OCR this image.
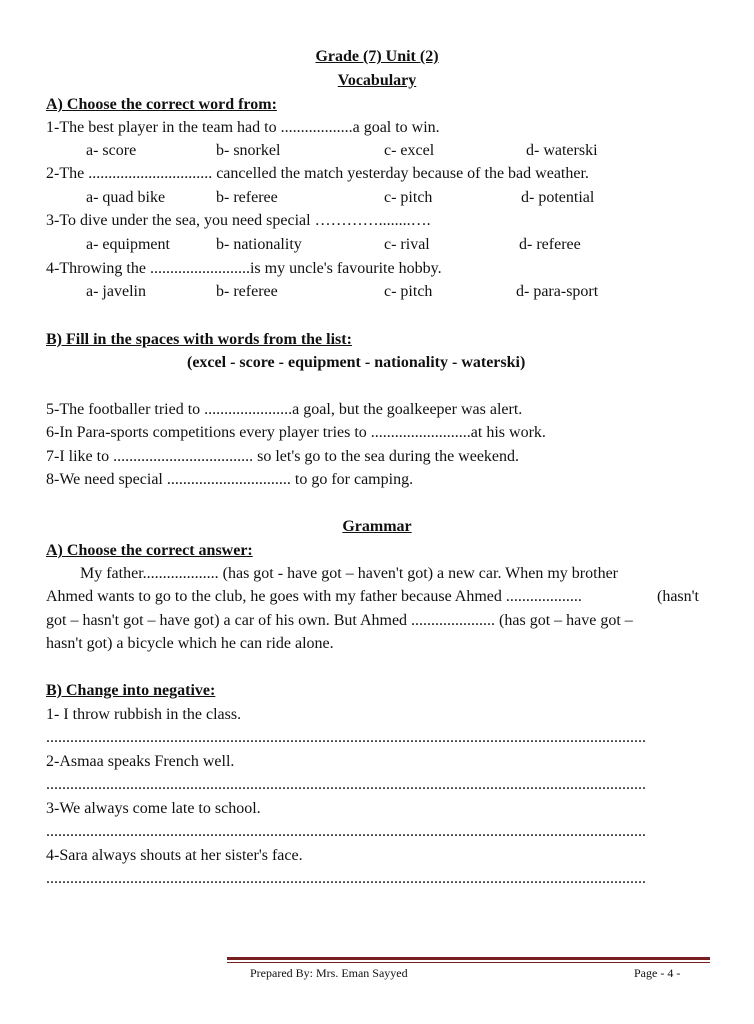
Grade (7) Unit (2)
Vocabulary
A) Choose the correct word from:
1-The best player in the team had to ..................a goal to win.
a- score	b- snorkel	c- excel	d- waterski
2-The ............................... cancelled the match yesterday because of the bad weather.
a- quad bike	b- referee	c- pitch	d- potential
3-To dive under the sea, you need special …………........….
a- equipment	b- nationality	c- rival	d- referee
4-Throwing the .........................is my uncle's favourite hobby.
a- javelin	b- referee	c- pitch	d- para-sport
B) Fill in the spaces with words from the list:
(excel - score - equipment - nationality - waterski)
5-The footballer tried to ......................a goal, but the goalkeeper was alert.
6-In Para-sports competitions every player tries to .........................at his work.
7-I like to ................................... so let's go to the sea during the weekend.
8-We need special ............................... to go for camping.
Grammar
A) Choose the correct answer:
My father................... (has got - have got – haven't got) a new car. When my brother
Ahmed wants to go to the club, he goes with my father because Ahmed ...................	(hasn't
got – hasn't got – have got) a car of his own. But Ahmed ..................... (has got – have got –
hasn't got) a bicycle which he can ride alone.
B) Change into negative:
1- I throw rubbish in the class.
......................................................................................................................................................
2-Asmaa speaks French well.
......................................................................................................................................................
3-We always come late to school.
......................................................................................................................................................
4-Sara always shouts at her sister's face.
......................................................................................................................................................
Prepared By: Mrs. Eman Sayyed	Page - 4 -
